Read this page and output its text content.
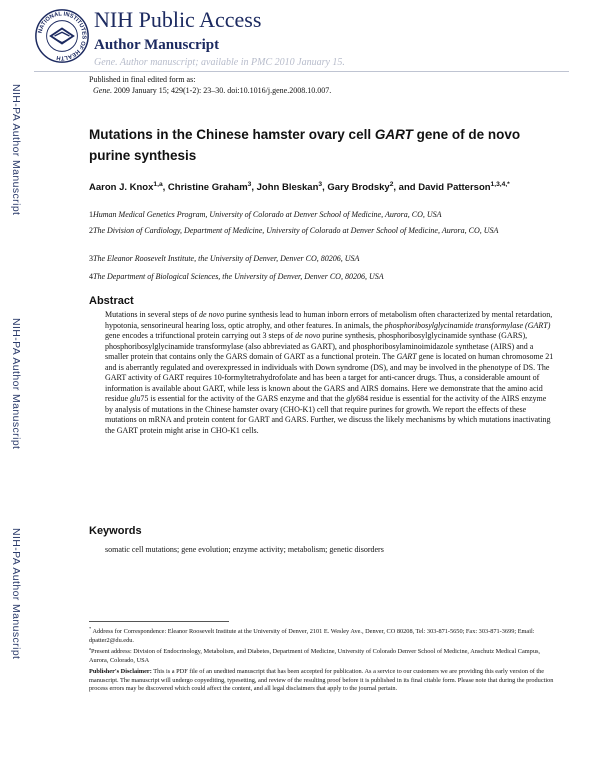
NIH-PA Author Manuscript
NIH-PA Author Manuscript
NIH-PA Author Manuscript
NATIONAL INSTITUTES OF HEALTH
NIH Public Access
Author Manuscript
Gene. Author manuscript; available in PMC 2010 January 15.
Published in final edited form as:
Gene. 2009 January 15; 429(1-2): 23–30. doi:10.1016/j.gene.2008.10.007.
Mutations in the Chinese hamster ovary cell GART gene of de novo purine synthesis
Aaron J. Knox$^{1,a}$, Christine Graham$^3$, John Bleskan$^3$, Gary Brodsky$^2$, and David Patterson$^{1,3,4,*}$
1Human Medical Genetics Program, University of Colorado at Denver School of Medicine, Aurora, CO, USA
2The Division of Cardiology, Department of Medicine, University of Colorado at Denver School of Medicine, Aurora, CO, USA
3The Eleanor Roosevelt Institute, the University of Denver, Denver CO, 80206, USA
4The Department of Biological Sciences, the University of Denver, Denver CO, 80206, USA
Abstract
Mutations in several steps of de novo purine synthesis lead to human inborn errors of metabolism often characterized by mental retardation, hypotonia, sensorineural hearing loss, optic atrophy, and other features. In animals, the phosphoribosylglycinamide transformylase (GART) gene encodes a trifunctional protein carrying out 3 steps of de novo purine synthesis, phosphoribosylglycinamide synthase (GARS), phosphoribosylglycinamide transformylase (also abbreviated as GART), and phosphoribosylaminoimidazole synthetase (AIRS) and a smaller protein that contains only the GARS domain of GART as a functional protein. The GART gene is located on human chromosome 21 and is aberrantly regulated and overexpressed in individuals with Down syndrome (DS), and may be involved in the phenotype of DS. The GART activity of GART requires 10-formyltetrahydrofolate and has been a target for anti-cancer drugs. Thus, a considerable amount of information is available about GART, while less is known about the GARS and AIRS domains. Here we demonstrate that the amino acid residue glu75 is essential for the activity of the GARS enzyme and that the gly684 residue is essential for the activity of the AIRS enzyme by analysis of mutations in the Chinese hamster ovary (CHO-K1) cell that require purines for growth. We report the effects of these mutations on mRNA and protein content for GART and GARS. Further, we discuss the likely mechanisms by which mutations inactivating the GART protein might arise in CHO-K1 cells.
Keywords
somatic cell mutations; gene evolution; enzyme activity; metabolism; genetic disorders
* Address for Correspondence: Eleanor Roosevelt Institute at the University of Denver, 2101 E. Wesley Ave., Denver, CO 80208, Tel: 303-871-5650; Fax: 303-871-3699; Email: dpatter2@du.edu.
$^a$Present address: Division of Endocrinology, Metabolism, and Diabetes, Department of Medicine, University of Colorado Denver School of Medicine, Anschutz Medical Campus, Aurora, Colorado, USA
Publisher's Disclaimer: This is a PDF file of an unedited manuscript that has been accepted for publication. As a service to our customers we are providing this early version of the manuscript. The manuscript will undergo copyediting, typesetting, and review of the resulting proof before it is published in its final citable form. Please note that during the production process errors may be discovered which could affect the content, and all legal disclaimers that apply to the journal pertain.
